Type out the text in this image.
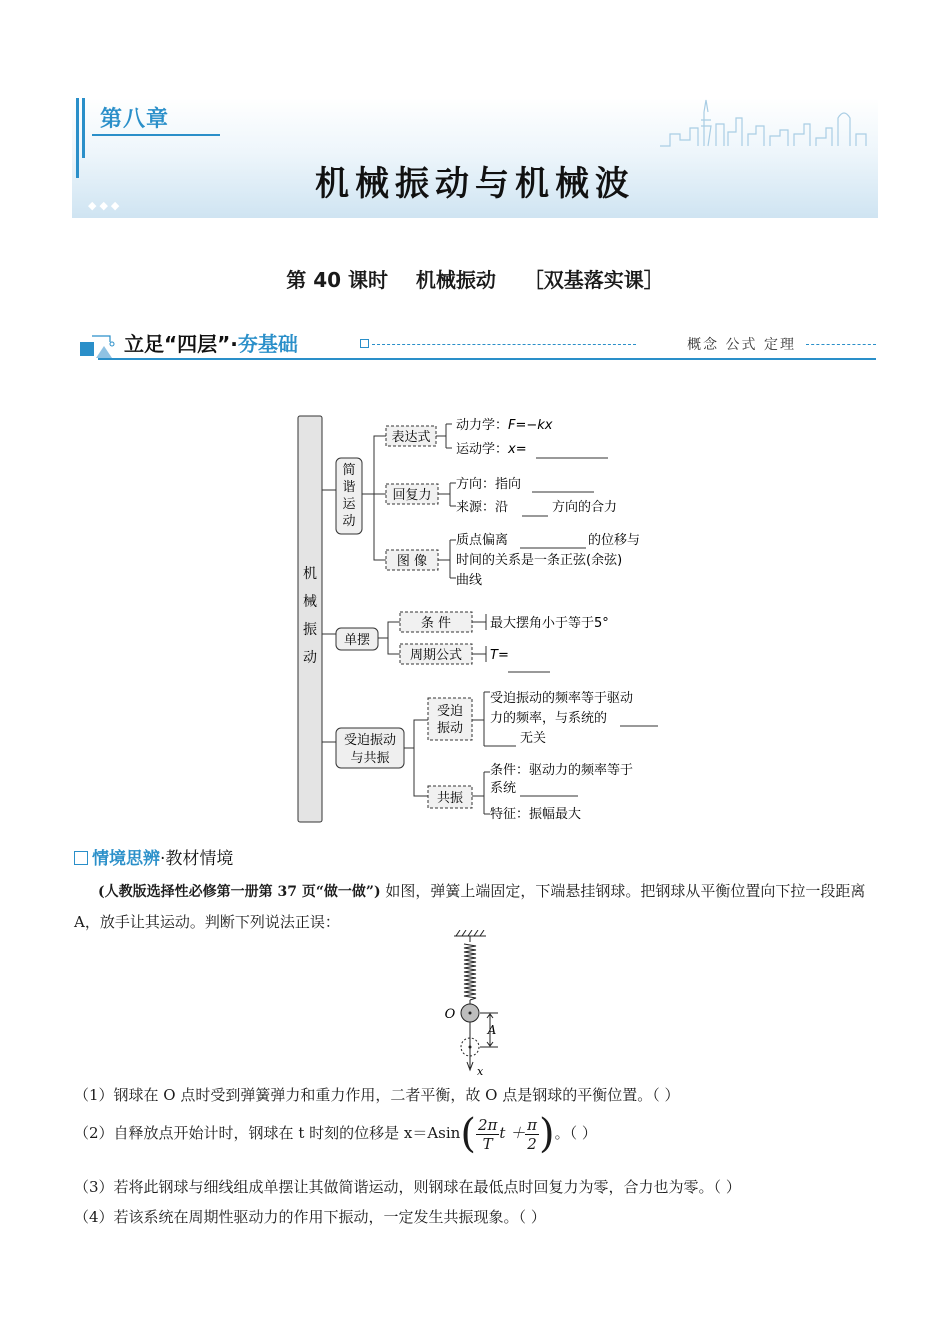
第八章
机械振动与机械波
◆◆◆
第 40 课时    机械振动    ［双基落实课］
立足“四层”·夯基础	概念 公式 定理
机
械
振
动
简
谐
运
动
表达式
动力学：F=−kx
运动学：x=
回复力
方向：指向
来源：沿	方向的合力
图 像
质点偏离	的位移与
时间的关系是一条正弦(余弦)
曲线
单摆
条 件	最大摆角小于等于5°
周期公式 T=
受迫振动
与共振
受迫
振动
受迫振动的频率等于驱动
力的频率，与系统的
无关
共振
条件：驱动力的频率等于
系统
特征：振幅最大
情境思辨·教材情境
(人教版选择性必修第一册第 37 页“做一做”) 如图，弹簧上端固定，下端悬挂钢球。把钢球从平衡位置向下拉一段距离 A，放手让其运动。判断下列说法正误：
O
A
x
（1）钢球在 O 点时受到弹簧弹力和重力作用，二者平衡，故 O 点是钢球的平衡位置。（ ）
（2）自释放点开始计时，钢球在 t 时刻的位移是 $x=Asin( \frac{2\pi}{T}$ $t + \frac{\pi}{2}$ )。（ ）
（3）若将此钢球与细线组成单摆让其做简谐运动，则钢球在最低点时回复力为零，合力也为零。（ ）
（4）若该系统在周期性驱动力的作用下振动，一定发生共振现象。（ ）
